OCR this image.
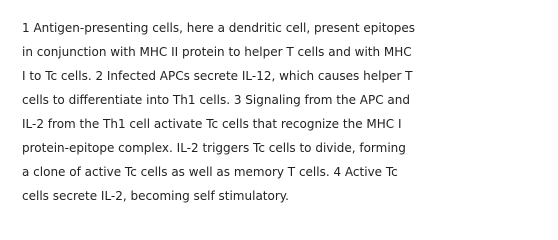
1 Antigen-presenting cells, here a dendritic cell, present epitopes
in conjunction with MHC II protein to helper T cells and with MHC
I to Tc cells. 2 Infected APCs secrete IL-12, which causes helper T
cells to differentiate into Th1 cells. 3 Signaling from the APC and
IL-2 from the Th1 cell activate Tc cells that recognize the MHC I
protein-epitope complex. IL-2 triggers Tc cells to divide, forming
a clone of active Tc cells as well as memory T cells. 4 Active Tc
cells secrete IL-2, becoming self stimulatory.
